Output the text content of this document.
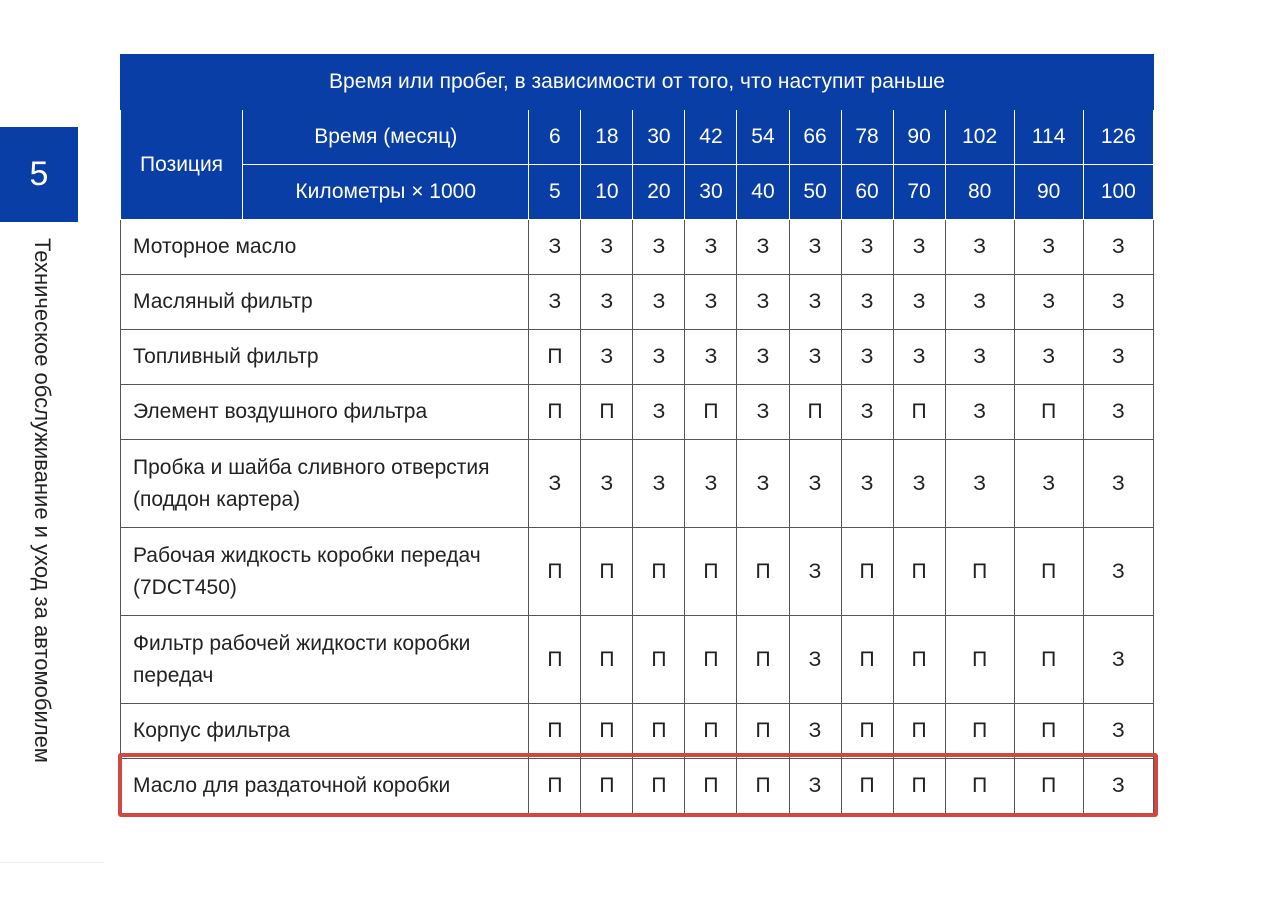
5
Техническое обслуживание и уход за автомобилем
Время или пробег, в зависимости от того, что наступит раньше												
Позиция	Время (месяц)	6	18	30	42	54	66	78	90	102	114	126
	Километры × 1000	5	10	20	30	40	50	60	70	80	90	100
Моторное масло		З	З	З	З	З	З	З	З	З	З	З
Масляный фильтр		З	З	З	З	З	З	З	З	З	З	З
Топливный фильтр		П	З	З	З	З	З	З	З	З	З	З
Элемент воздушного фильтра		П	П	З	П	З	П	З	П	З	П	З
Пробка и шайба сливного отверстия (поддон картера)		З	З	З	З	З	З	З	З	З	З	З
Рабочая жидкость коробки передач (7DCT450)		П	П	П	П	П	З	П	П	П	П	З
Фильтр рабочей жидкости коробки передач		П	П	П	П	П	З	П	П	П	П	З
Корпус фильтра		П	П	П	П	П	З	П	П	П	П	З
Масло для раздаточной коробки		П	П	П	П	П	З	П	П	П	П	З
